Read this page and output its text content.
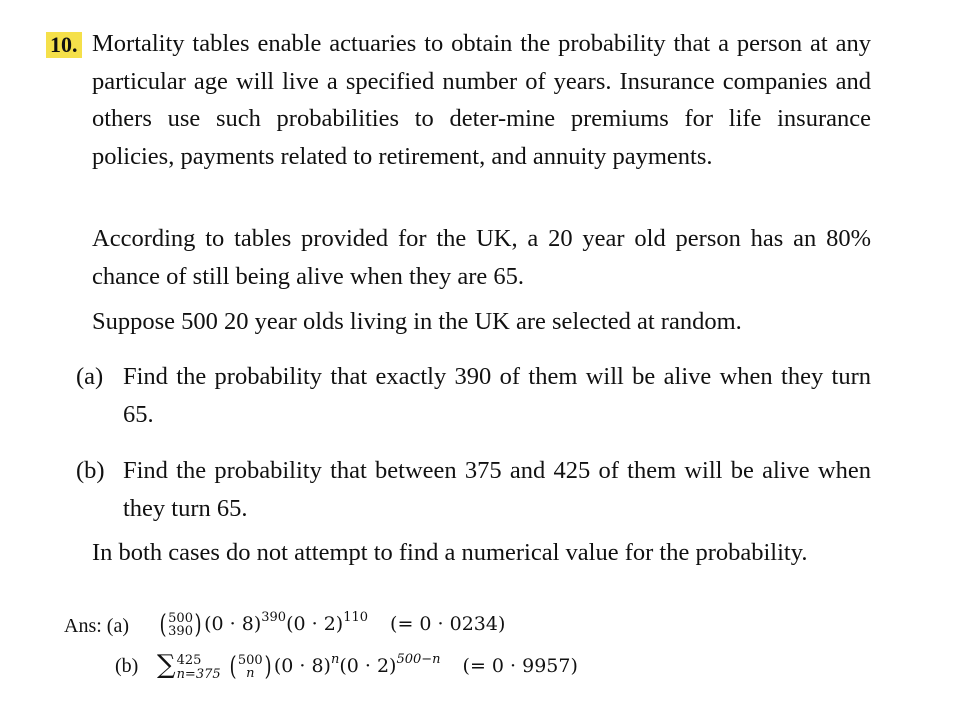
10. Mortality tables enable actuaries to obtain the probability that a person at any particular age will live a specified number of years. Insurance companies and others use such probabilities to deter-mine premiums for life insurance policies, payments related to retirement, and annuity payments.
According to tables provided for the UK, a 20 year old person has an 80% chance of still being alive when they are 65.
Suppose 500 20 year olds living in the UK are selected at random.
(a) Find the probability that exactly 390 of them will be alive when they turn 65.
(b) Find the probability that between 375 and 425 of them will be alive when they turn 65.
In both cases do not attempt to find a numerical value for the probability.
Ans: (a) ( 500
390 ) $(0 \cdot 8)^{390}(0 \cdot 2)^{110}$ (= 0 · 0234)
(b) ∑ 425
n=375 ( 500
n ) $(0 \cdot 8)^n(0 \cdot 2)^{500-n}$ (= 0 · 9957)
